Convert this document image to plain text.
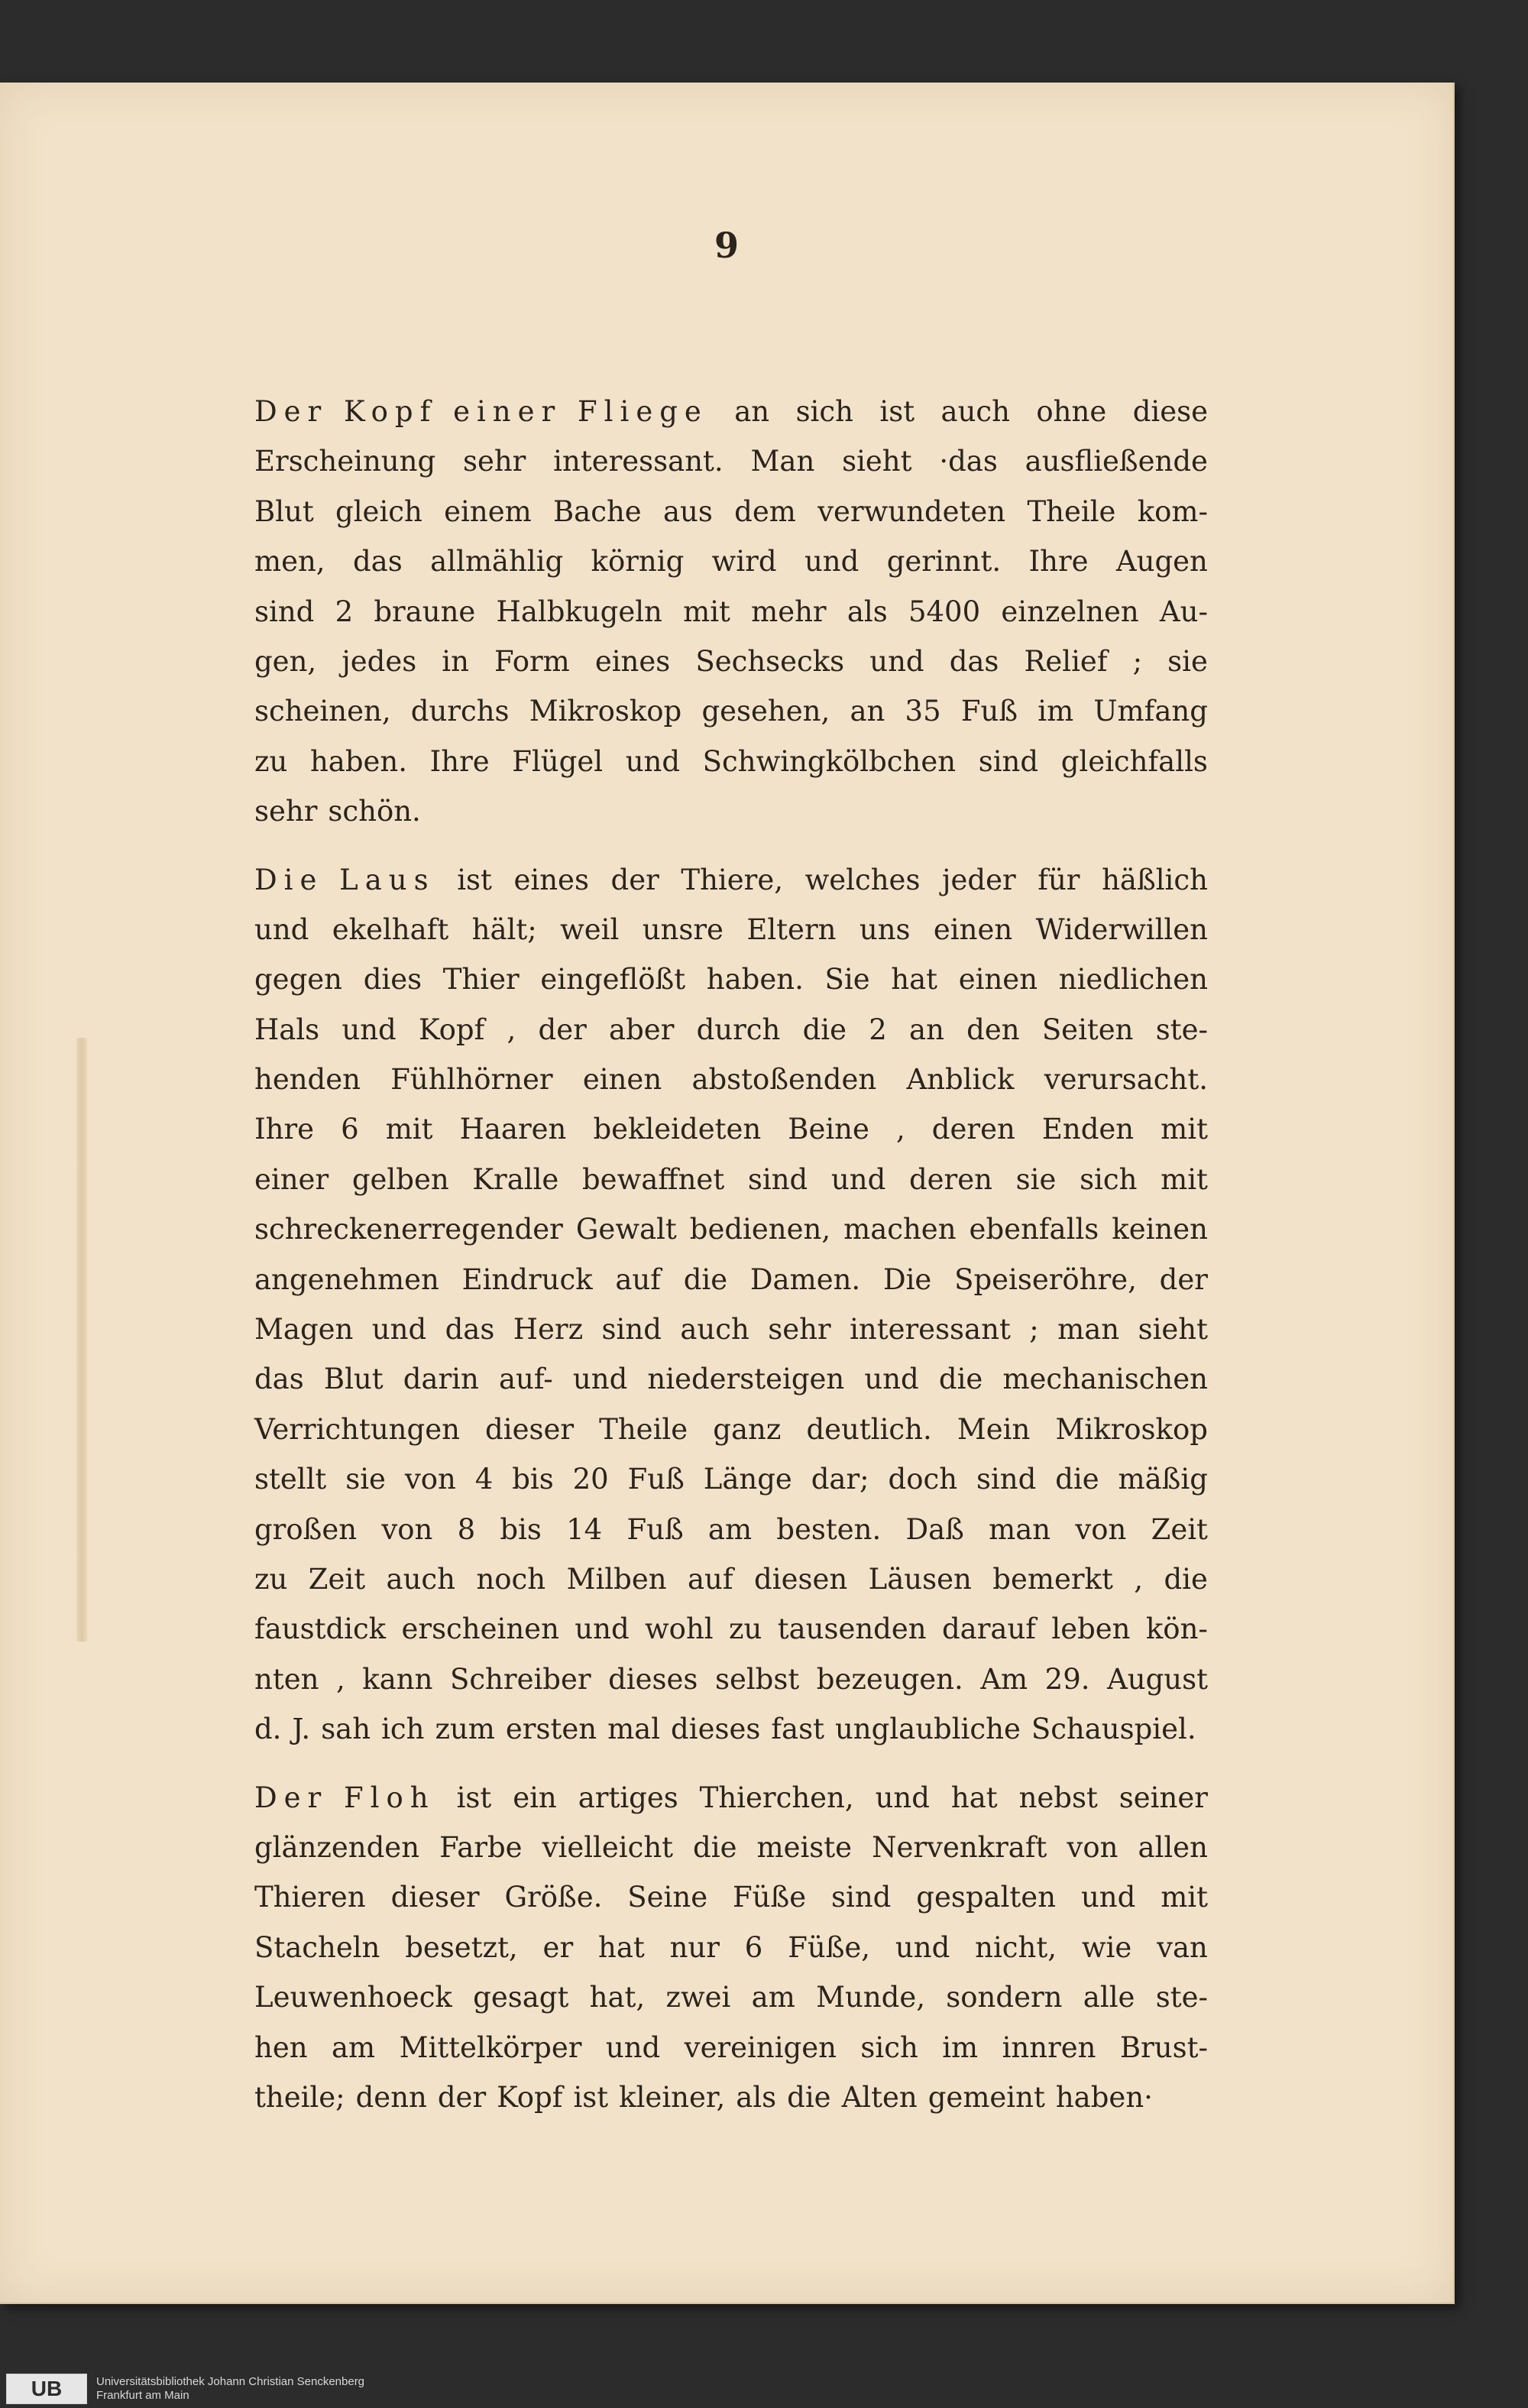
9
Der Kopf einer Fliege an sich ist auch ohne diese
Erscheinung sehr interessant. Man sieht ·das ausfließende
Blut gleich einem Bache aus dem verwundeten Theile kom-
men, das allmählig körnig wird und gerinnt. Ihre Augen
sind 2 braune Halbkugeln mit mehr als 5400 einzelnen Au-
gen, jedes in Form eines Sechsecks und das Relief ; sie
scheinen, durchs Mikroskop gesehen, an 35 Fuß im Umfang
zu haben. Ihre Flügel und Schwingkölbchen sind gleichfalls
sehr schön.
Die Laus ist eines der Thiere, welches jeder für häßlich
und ekelhaft hält; weil unsre Eltern uns einen Widerwillen
gegen dies Thier eingeflößt haben. Sie hat einen niedlichen
Hals und Kopf , der aber durch die 2 an den Seiten ste-
henden Fühlhörner einen abstoßenden Anblick verursacht.
Ihre 6 mit Haaren bekleideten Beine , deren Enden mit
einer gelben Kralle bewaffnet sind und deren sie sich mit
schreckenerregender Gewalt bedienen, machen ebenfalls keinen
angenehmen Eindruck auf die Damen. Die Speiseröhre, der
Magen und das Herz sind auch sehr interessant ; man sieht
das Blut darin auf- und niedersteigen und die mechanischen
Verrichtungen dieser Theile ganz deutlich. Mein Mikroskop
stellt sie von 4 bis 20 Fuß Länge dar; doch sind die mäßig
großen von 8 bis 14 Fuß am besten. Daß man von Zeit
zu Zeit auch noch Milben auf diesen Läusen bemerkt , die
faustdick erscheinen und wohl zu tausenden darauf leben kön-
nten , kann Schreiber dieses selbst bezeugen. Am 29. August
d. J. sah ich zum ersten mal dieses fast unglaubliche Schauspiel.
Der Floh ist ein artiges Thierchen, und hat nebst seiner
glänzenden Farbe vielleicht die meiste Nervenkraft von allen
Thieren dieser Größe. Seine Füße sind gespalten und mit
Stacheln besetzt, er hat nur 6 Füße, und nicht, wie van
Leuwenhoeck gesagt hat, zwei am Munde, sondern alle ste-
hen am Mittelkörper und vereinigen sich im innren Brust-
theile; denn der Kopf ist kleiner, als die Alten gemeint haben·
UB	Universitätsbibliothek Johann Christian Senckenberg
Frankfurt am Main
